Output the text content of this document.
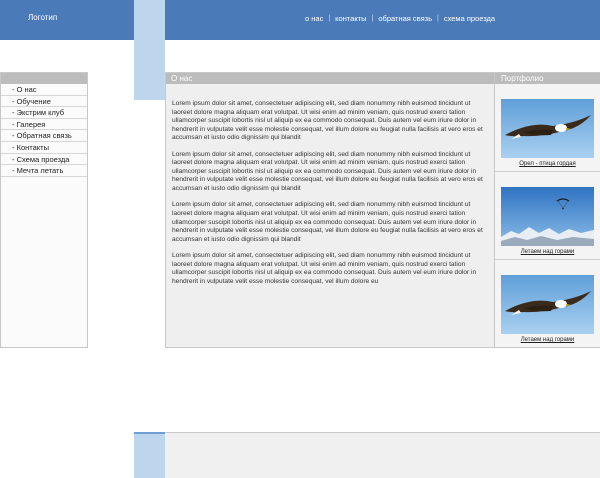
Логотип	о нас | контакты | обратная связь | схема проезда
- О нас
- Обучение
- Экстрим клуб
- Галерея
- Обратная связь
- Контакты
- Схема проезда
- Мечта летать
О нас

Lorem ipsum dolor sit amet, consectetuer adipiscing elit, sed diam nonummy nibh euismod tincidunt ut laoreet dolore magna aliquam erat volutpat. Ut wisi enim ad minim veniam, quis nostrud exerci tation ullamcorper suscipit lobortis nisl ut aliquip ex ea commodo consequat. Duis autem vel eum iriure dolor in hendrerit in vulputate velit esse molestie consequat, vel illum dolore eu feugiat nulla facilisis at vero eros et accumsan et iusto odio dignissim qui blandit

Lorem ipsum dolor sit amet, consectetuer adipiscing elit, sed diam nonummy nibh euismod tincidunt ut laoreet dolore magna aliquam erat volutpat. Ut wisi enim ad minim veniam, quis nostrud exerci tation ullamcorper suscipit lobortis nisl ut aliquip ex ea commodo consequat. Duis autem vel eum iriure dolor in hendrerit in vulputate velit esse molestie consequat, vel illum dolore eu feugiat nulla facilisis at vero eros et accumsan et iusto odio dignissim qui blandit

Lorem ipsum dolor sit amet, consectetuer adipiscing elit, sed diam nonummy nibh euismod tincidunt ut laoreet dolore magna aliquam erat volutpat. Ut wisi enim ad minim veniam, quis nostrud exerci tation ullamcorper suscipit lobortis nisl ut aliquip ex ea commodo consequat. Duis autem vel eum iriure dolor in hendrerit in vulputate velit esse molestie consequat, vel illum dolore eu feugiat nulla facilisis at vero eros et accumsan et iusto odio dignissim qui blandit

Lorem ipsum dolor sit amet, consectetuer adipiscing elit, sed diam nonummy nibh euismod tincidunt ut laoreet dolore magna aliquam erat volutpat. Ut wisi enim ad minim veniam, quis nostrud exerci tation ullamcorper suscipit lobortis nisl ut aliquip ex ea commodo consequat. Duis autem vel eum iriure dolor in hendrerit in vulputate velit esse molestie consequat, vel illum dolore eu

Портфолио
Орел - птица гордая
Летаем над горами
Летаем над горами
